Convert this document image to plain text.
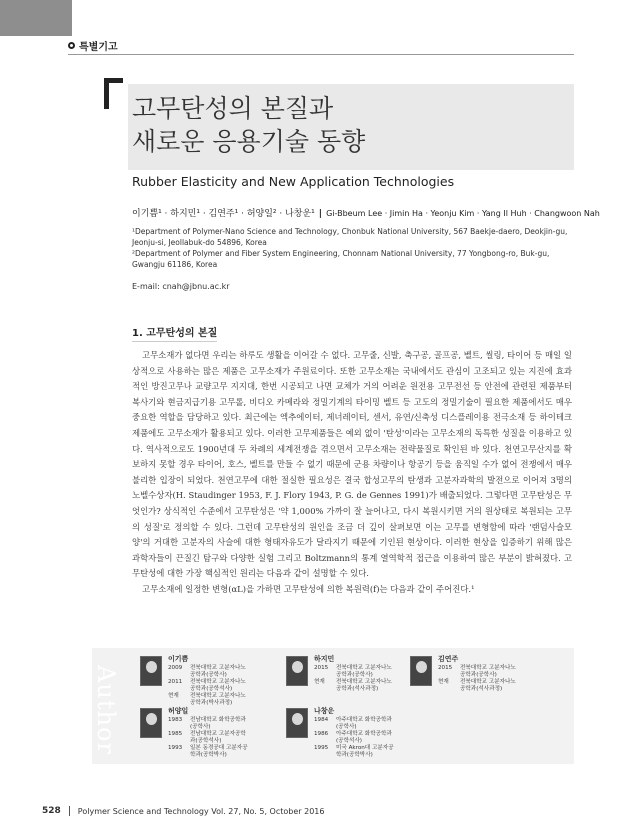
특별기고
고무탄성의 본질과
새로운 응용기술 동향
Rubber Elasticity and New Application Technologies
이기쁨¹ · 하지민¹ · 김연주¹ · 허양일² · 나창운¹ | Gi-Bbeum Lee · Jimin Ha · Yeonju Kim · Yang Il Huh · Changwoon Nah

¹Department of Polymer-Nano Science and Technology, Chonbuk National University, 567 Baekje-daero, Deokjin-gu, Jeonju-si, Jeollabuk-do 54896, Korea

²Department of Polymer and Fiber System Engineering, Chonnam National University, 77 Yongbong-ro, Buk-gu, Gwangju 61186, Korea

E-mail: cnah@jbnu.ac.kr
1. 고무탄성의 본질

고무소재가 없다면 우리는 하루도 생활을 이어갈 수 없다. 고무줄, 신발, 축구공, 골프공, 벨트, 씰링, 타이어 등 매일 일상적으로 사용하는 많은 제품은 고무소재가 주원료이다. 또한 고무소재는 국내에서도 관심이 고조되고 있는 지진에 효과적인 방진고무나 교량고무 지지대, 한번 시공되고 나면 교체가 거의 어려운 원전용 고무전선 등 안전에 관련된 제품부터 복사기와 현금지급기용 고무롤, 비디오 카메라와 정밀기계의 타이밍 벨트 등 고도의 정밀기술이 필요한 제품에서도 매우 중요한 역할을 담당하고 있다. 최근에는 엑추에이터, 제너레이터, 센서, 유연/신축성 디스플레이용 전극소재 등 하이테크 제품에도 고무소재가 활용되고 있다. 이러한 고무제품들은 예외 없이 '탄성'이라는 고무소재의 독특한 성질을 이용하고 있다. 역사적으로도 1900년대 두 차례의 세계전쟁을 겪으면서 고무소재는 전략물질로 확인된 바 있다. 천연고무산지를 확보하지 못할 경우 타이어, 호스, 벨트를 만들 수 없기 때문에 군용 차량이나 항공기 등을 움직일 수가 없어 전쟁에서 매우 불리한 입장이 되었다. 천연고무에 대한 절실한 필요성은 결국 합성고무의 탄생과 고분자과학의 발전으로 이어져 3명의 노벨수상자(H. Staudinger 1953, F. J. Flory 1943, P. G. de Gennes 1991)가 배출되었다. 그렇다면 고무탄성은 무엇인가? 상식적인 수준에서 고무탄성은 '약 1,000% 가까이 잘 늘어나고, 다시 복원시키면 거의 원상태로 복원되는 고무의 성질'로 정의할 수 있다. 그런데 고무탄성의 원인을 조금 더 깊이 살펴보면 이는 고무를 변형함에 따라 '랜덤사슬모양'의 거대한 고분자의 사슬에 대한 형태자유도가 달라지기 때문에 기인된 현상이다. 이러한 현상을 입증하기 위해 많은 과학자들이 끈질긴 탐구와 다양한 실험 그리고 Boltzmann의 통계 열역학적 접근을 이용하여 많은 부분이 밝혀졌다. 고무탄성에 대한 가장 핵심적인 원리는 다음과 같이 설명할 수 있다.

고무소재에 일정한 변형(αL)을 가하면 고무탄성에 의한 복원력(f)는 다음과 같이 주어진다.¹

Author
이기쁨
2009	전북대학교 고분자나노공학과(공학사)
2011	전북대학교 고분자나노공학과(공학석사)
현재	전북대학교 고분자나노공학과(박사과정)
하지민
2015	전북대학교 고분자나노공학과(공학사)
현재	전북대학교 고분자나노공학과(석사과정)
김연주
2015	전북대학교 고분자나노공학과(공학사)
현재	전북대학교 고분자나노공학과(석사과정)
허양일
1983	전남대학교 화학공학과 (공학사)
1985	전남대학교 고분자공학과(공학석사)
1993	일본 동경공대 고분자공학과(공학박사)
나창운
1984	아주대학교 화학공학과 (공학사)
1986	아주대학교 화학공학과(공학석사)
1995	미국 Akron대 고분자공학과(공학박사)
528 Polymer Science and Technology Vol. 27, No. 5, October 2016
